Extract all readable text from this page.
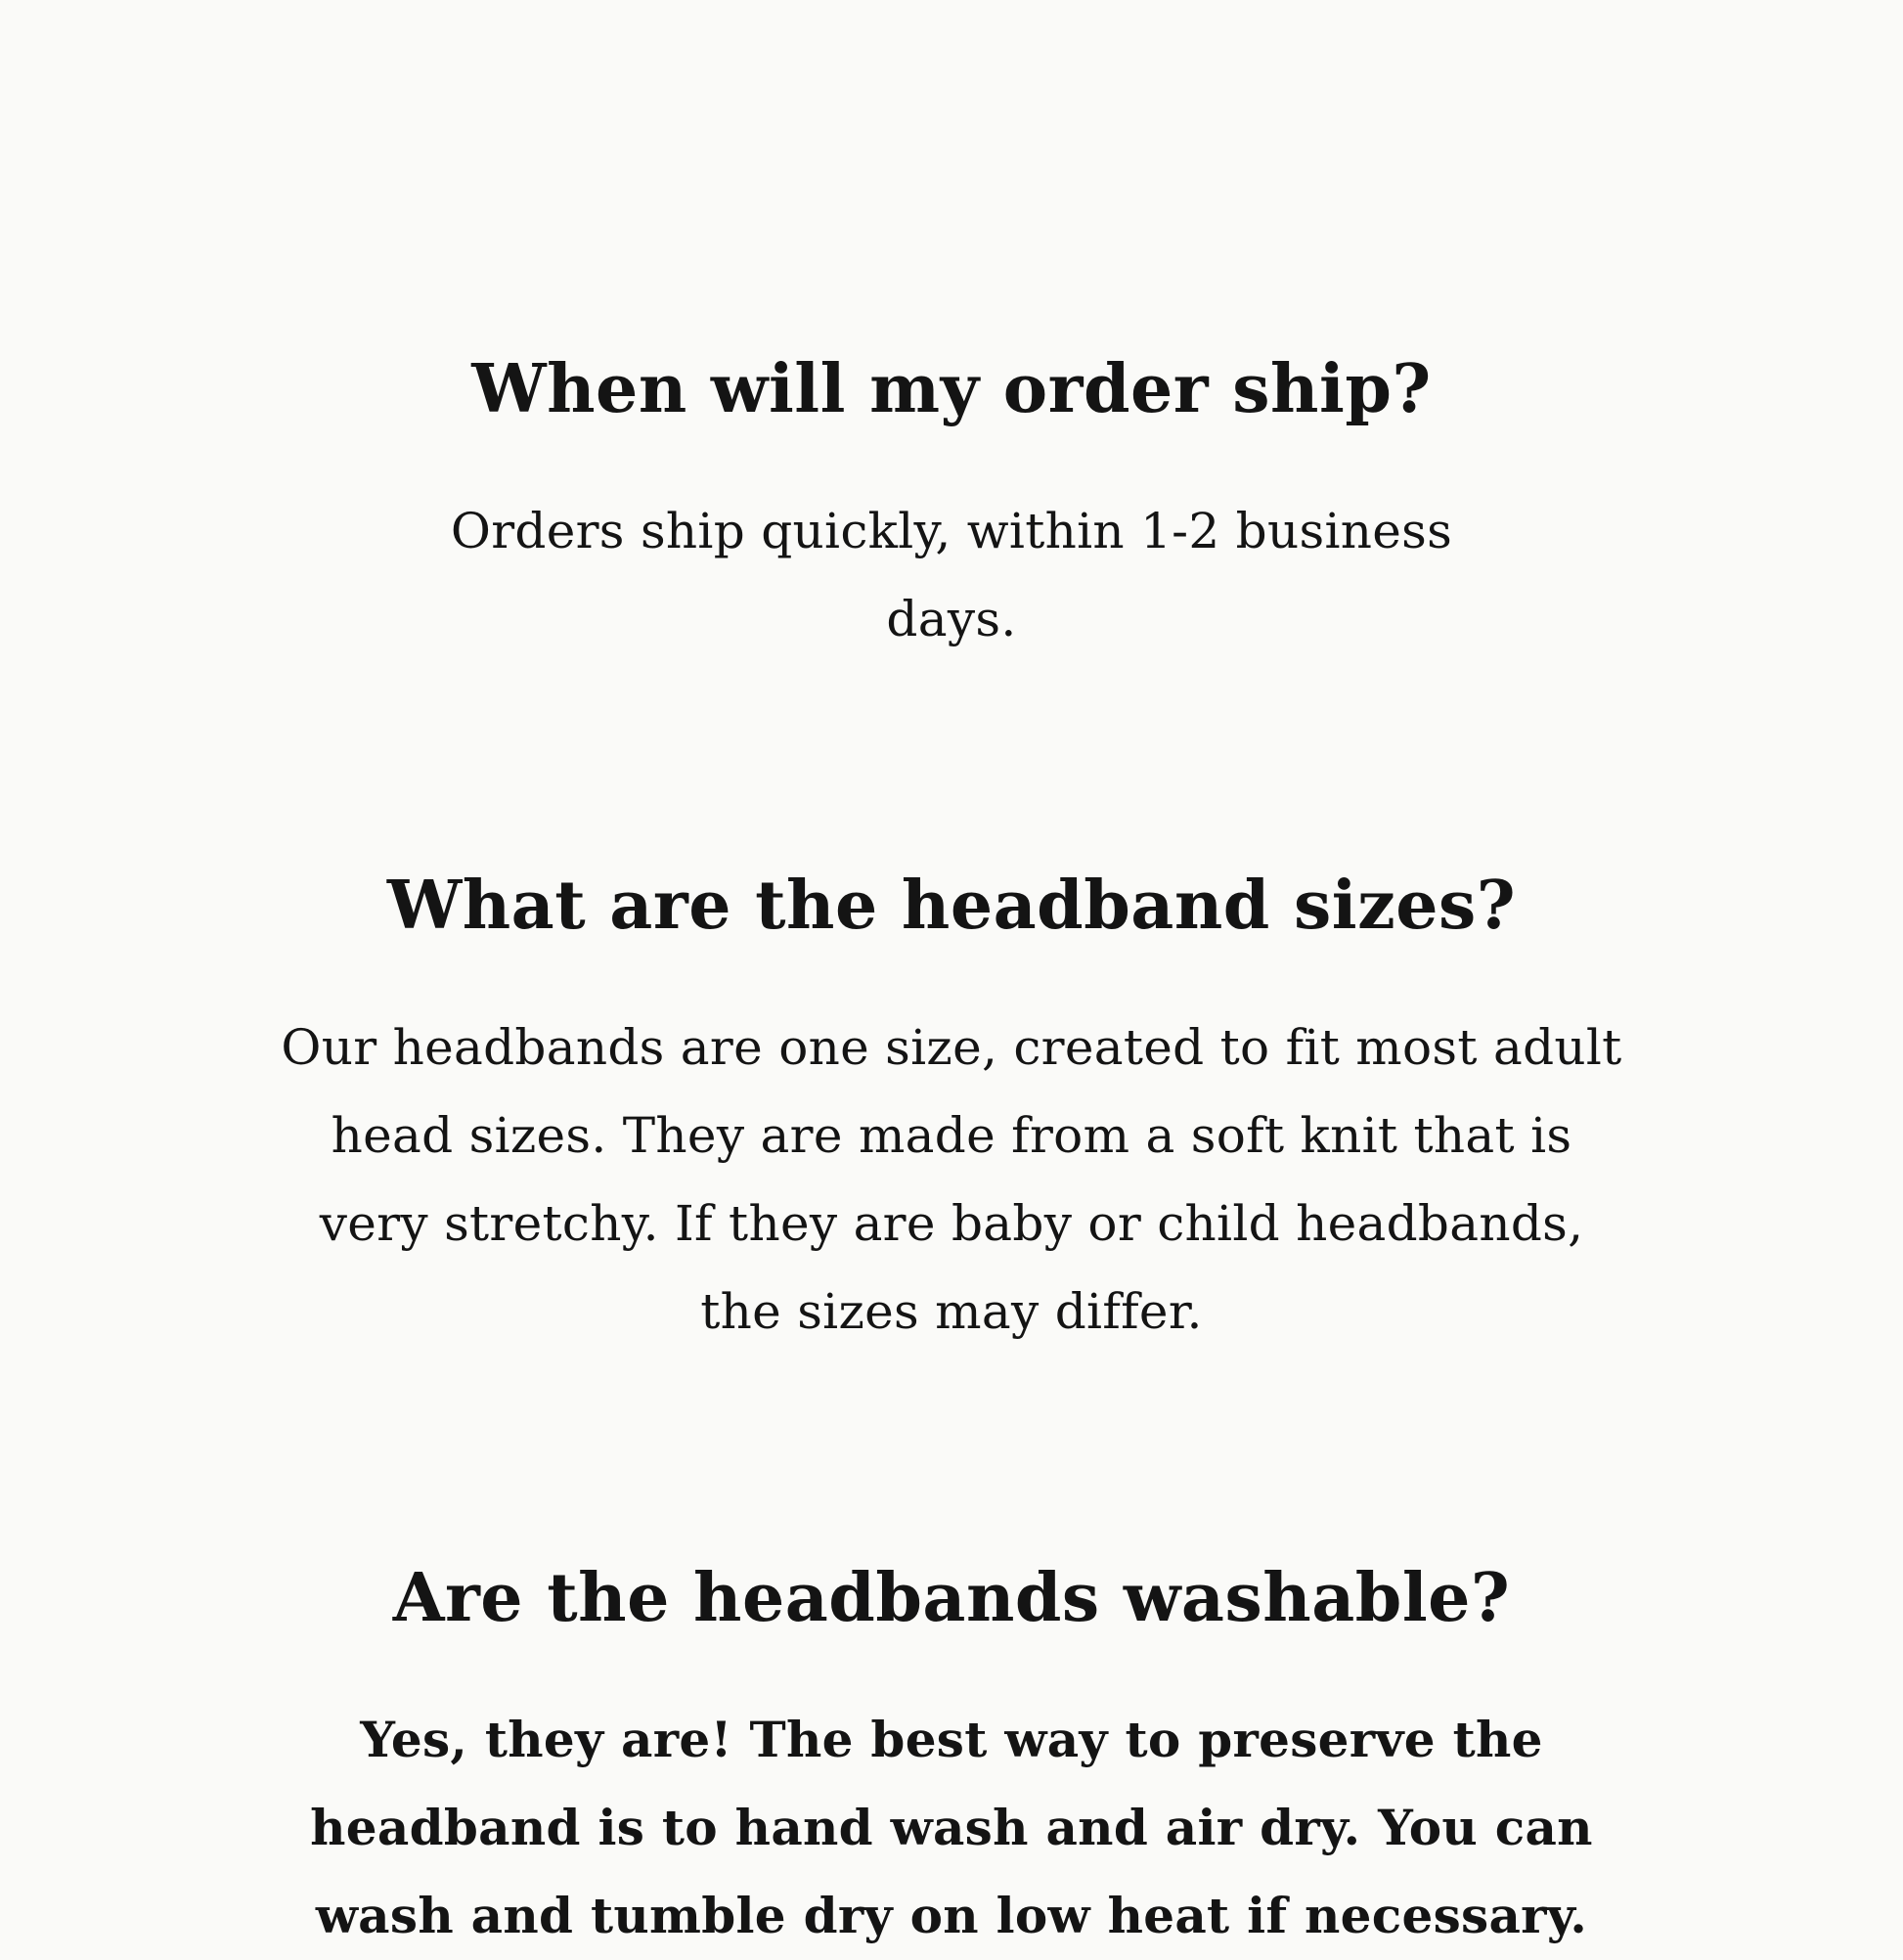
When will my order ship?
Orders ship quickly, within 1-2 business
days.
What are the headband sizes?
Our headbands are one size, created to fit most adult
head sizes. They are made from a soft knit that is
very stretchy. If they are baby or child headbands,
the sizes may differ.
Are the headbands washable?
Yes, they are! The best way to preserve the
headband is to hand wash and air dry. You can
wash and tumble dry on low heat if necessary.
